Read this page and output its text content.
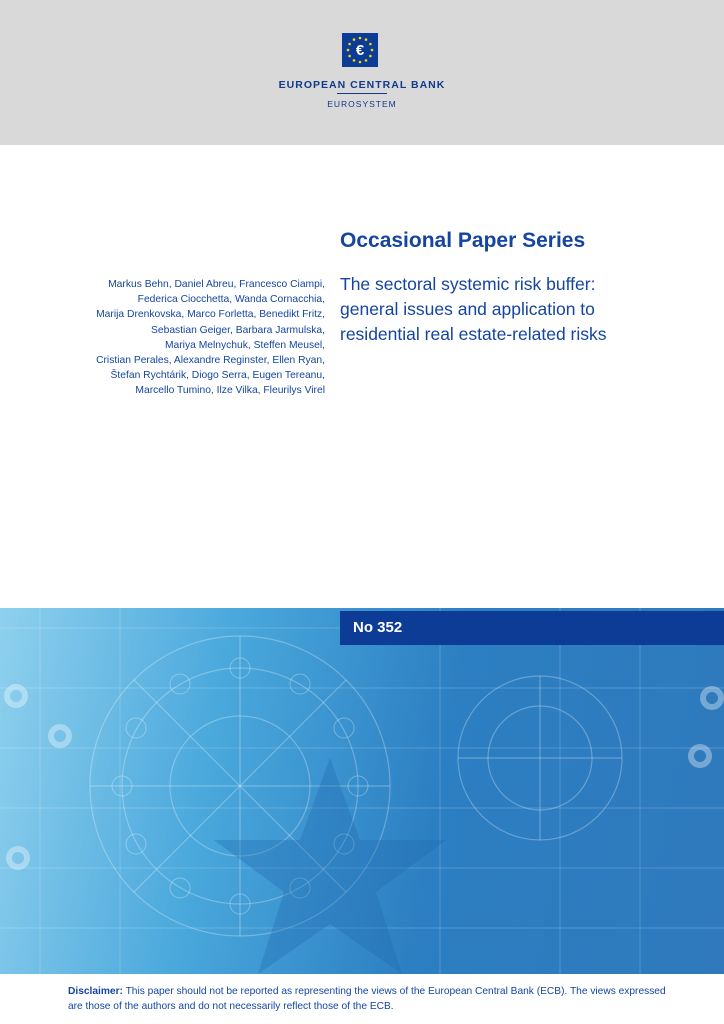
€
EUROPEAN CENTRAL BANK
EUROSYSTEM
Occasional Paper Series
The sectoral systemic risk buffer:
general issues and application to
residential real estate-related risks
Markus Behn, Daniel Abreu, Francesco Ciampi,
Federica Ciocchetta, Wanda Cornacchia,
Marija Drenkovska, Marco Forletta, Benedikt Fritz,
Sebastian Geiger, Barbara Jarmulska,
Mariya Melnychuk, Steffen Meusel,
Cristian Perales, Alexandre Reginster, Ellen Ryan,
Štefan Rychtárik, Diogo Serra, Eugen Tereanu,
Marcello Tumino, Ilze Vilka, Fleurilys Virel
No 352
Disclaimer: This paper should not be reported as representing the views of the European Central Bank (ECB). The views expressed are those of the authors and do not necessarily reflect those of the ECB.
